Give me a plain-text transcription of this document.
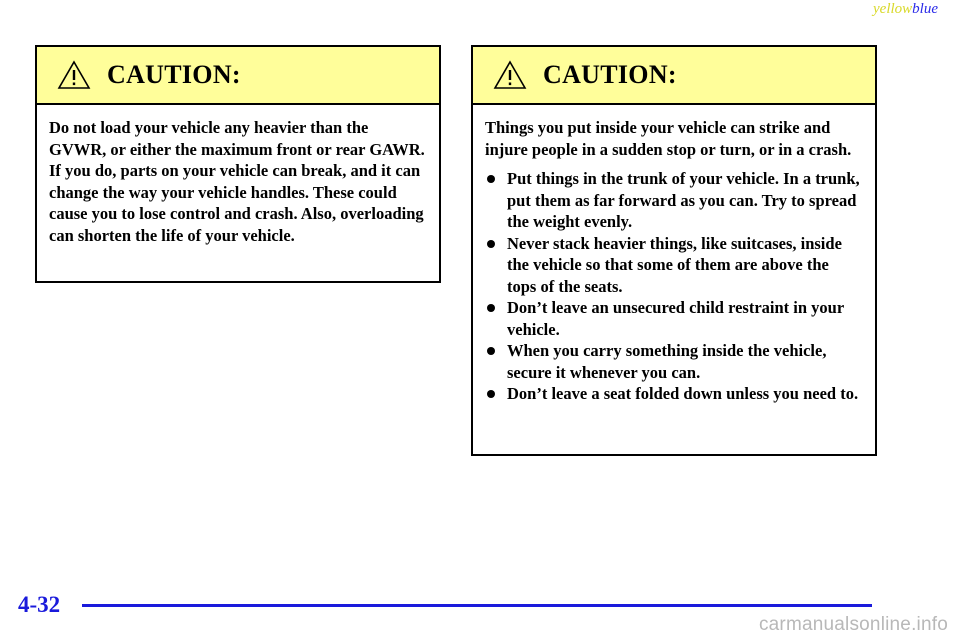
yellowblue
CAUTION:

Do not load your vehicle any heavier than the GVWR, or either the maximum front or rear GAWR. If you do, parts on your vehicle can break, and it can change the way your vehicle handles. These could cause you to lose control and crash. Also, overloading can shorten the life of your vehicle.

CAUTION:

Things you put inside your vehicle can strike and injure people in a sudden stop or turn, or in a crash.

Put things in the trunk of your vehicle. In a trunk, put them as far forward as you can. Try to spread the weight evenly.
Never stack heavier things, like suitcases, inside the vehicle so that some of them are above the tops of the seats.
Don’t leave an unsecured child restraint in your vehicle.
When you carry something inside the vehicle, secure it whenever you can.
Don’t leave a seat folded down unless you need to.
4-32
carmanualsonline.info
